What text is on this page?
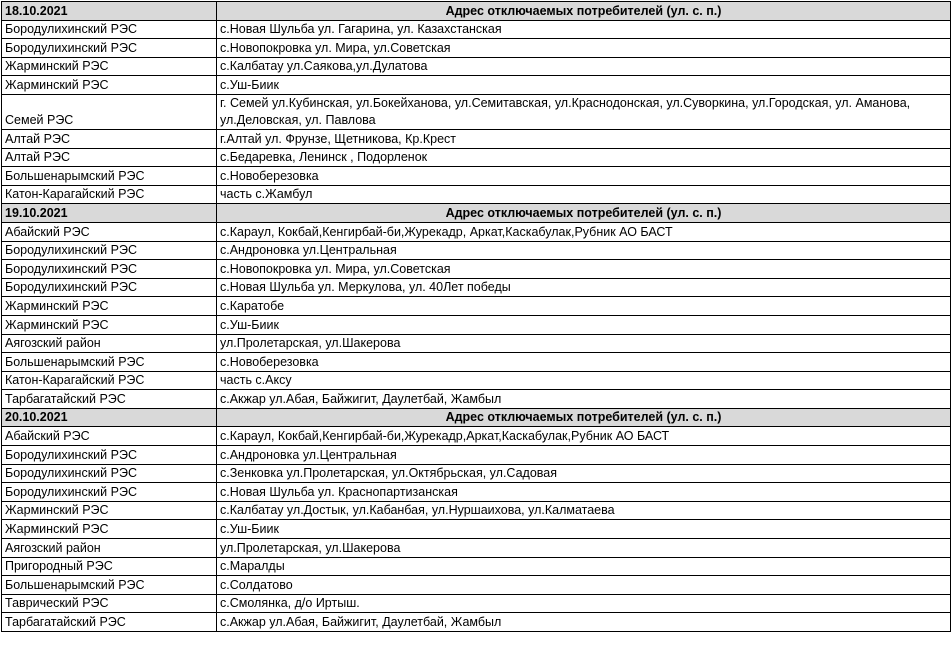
18.10.2021	Адрес отключаемых потребителей (ул. с. п.)
Бородулихинский РЭС	с.Новая Шульба ул. Гагарина, ул. Казахстанская
Бородулихинский РЭС	с.Новопокровка ул. Мира, ул.Советская
Жарминский РЭС	с.Калбатау ул.Саякова,ул.Дулатова
Жарминский РЭС	с.Уш-Биик
Семей РЭС	г. Семей ул.Кубинская, ул.Бокейханова, ул.Семитавская, ул.Краснодонская, ул.Суворкина, ул.Городская, ул. Аманова, ул.Деловская, ул. Павлова
Алтай РЭС	г.Алтай ул. Фрунзе, Щетникова, Кр.Крест
Алтай РЭС	с.Бедаревка, Ленинск , Подорленок
Большенарымский РЭС	с.Новоберезовка
Катон-Карагайский РЭС	часть с.Жамбул
19.10.2021	Адрес отключаемых потребителей (ул. с. п.)
Абайский РЭС	с.Караул, Кокбай,Кенгирбай-би,Журекадр, Аркат,Каскабулак,Рубник АО БАСТ
Бородулихинский РЭС	с.Андроновка ул.Центральная
Бородулихинский РЭС	с.Новопокровка ул. Мира, ул.Советская
Бородулихинский РЭС	с.Новая Шульба ул. Меркулова, ул. 40Лет победы
Жарминский РЭС	с.Каратобе
Жарминский РЭС	с.Уш-Биик
Аягозский район	ул.Пролетарская, ул.Шакерова
Большенарымский РЭС	с.Новоберезовка
Катон-Карагайский РЭС	часть с.Аксу
Тарбагатайский РЭС	с.Акжар ул.Абая, Байжигит, Даулетбай, Жамбыл
20.10.2021	Адрес отключаемых потребителей (ул. с. п.)
Абайский РЭС	с.Караул, Кокбай,Кенгирбай-би,Журекадр,Аркат,Каскабулак,Рубник АО БАСТ
Бородулихинский РЭС	с.Андроновка ул.Центральная
Бородулихинский РЭС	с.Зенковка ул.Пролетарская, ул.Октябрьская, ул.Садовая
Бородулихинский РЭС	с.Новая Шульба ул. Краснопартизанская
Жарминский РЭС	с.Калбатау ул.Достык, ул.Кабанбая, ул.Нуршаихова, ул.Калматаева
Жарминский РЭС	с.Уш-Биик
Аягозский район	ул.Пролетарская, ул.Шакерова
Пригородный РЭС	с.Маралды
Большенарымский РЭС	с.Солдатово
Таврический РЭС	с.Смолянка, д/о Иртыш.
Тарбагатайский РЭС	с.Акжар ул.Абая, Байжигит, Даулетбай, Жамбыл
